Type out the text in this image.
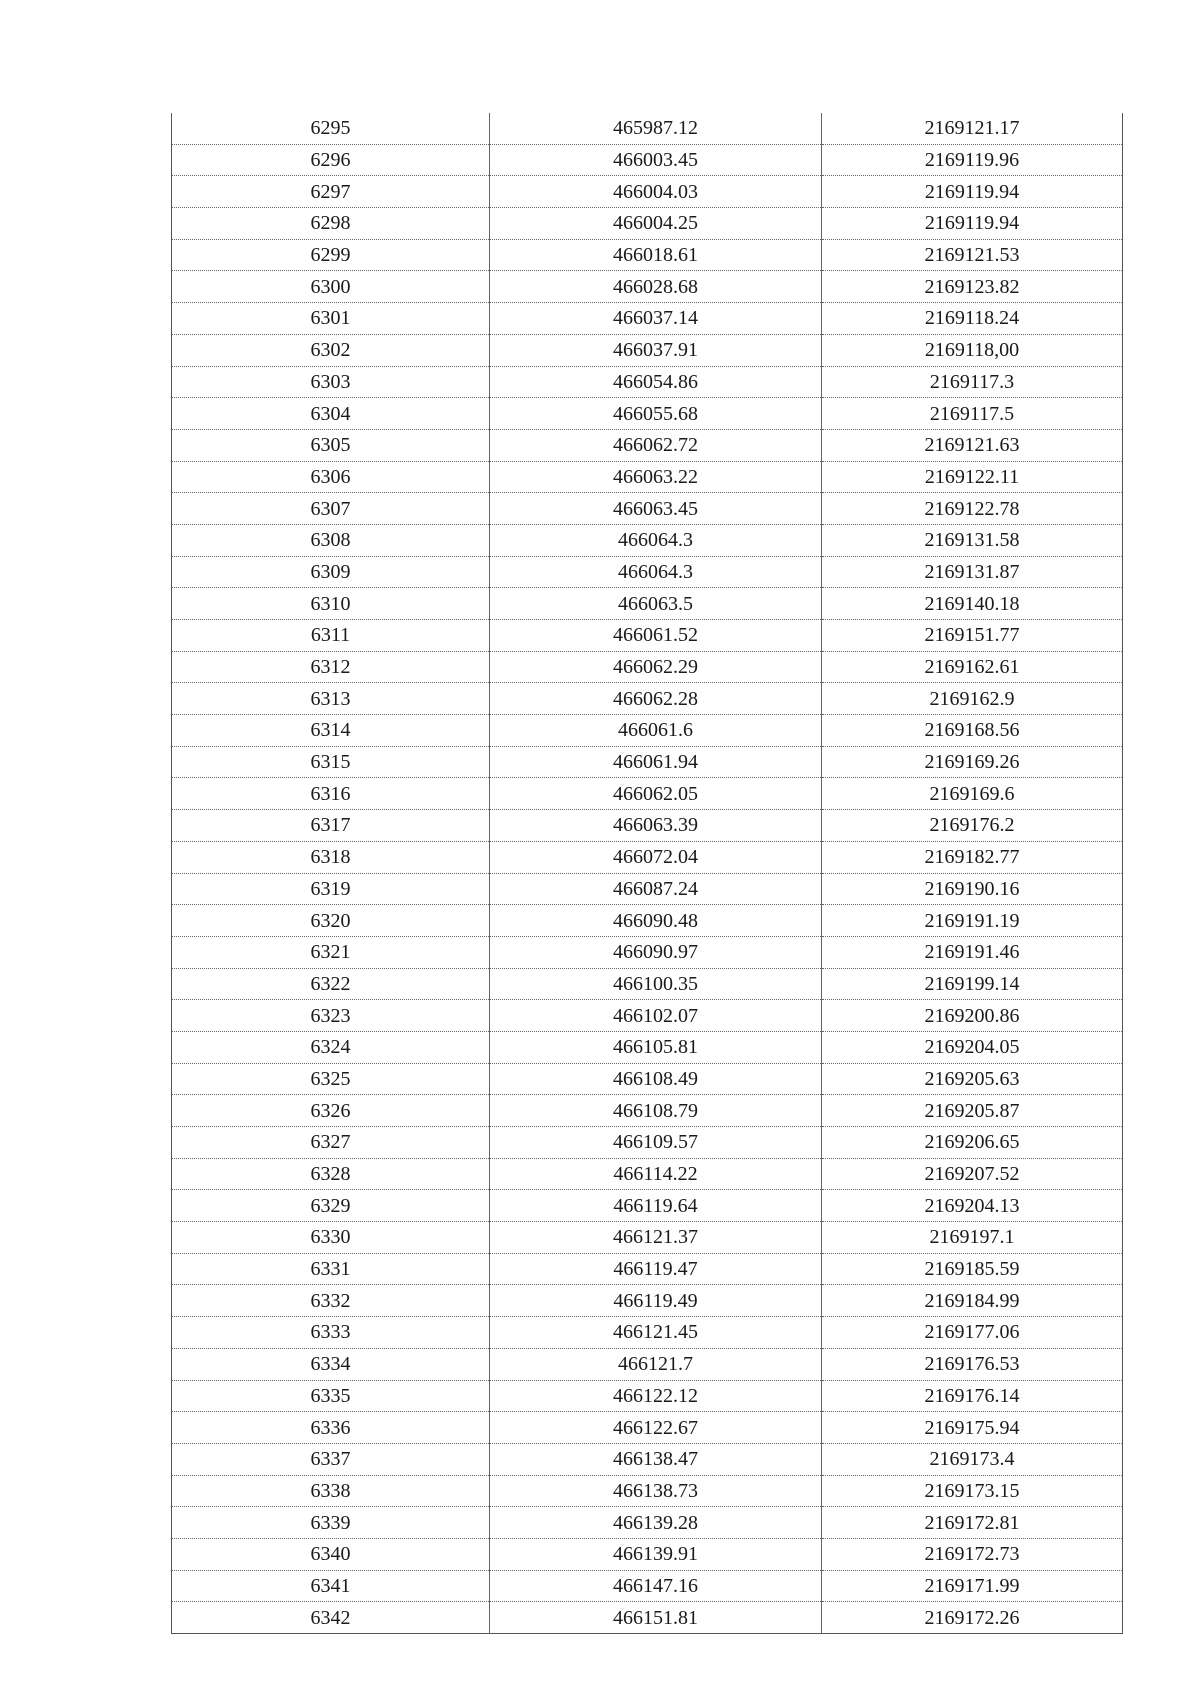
6295	465987.12	2169121.17
6296	466003.45	2169119.96
6297	466004.03	2169119.94
6298	466004.25	2169119.94
6299	466018.61	2169121.53
6300	466028.68	2169123.82
6301	466037.14	2169118.24
6302	466037.91	2169118,00
6303	466054.86	2169117.3
6304	466055.68	2169117.5
6305	466062.72	2169121.63
6306	466063.22	2169122.11
6307	466063.45	2169122.78
6308	466064.3	2169131.58
6309	466064.3	2169131.87
6310	466063.5	2169140.18
6311	466061.52	2169151.77
6312	466062.29	2169162.61
6313	466062.28	2169162.9
6314	466061.6	2169168.56
6315	466061.94	2169169.26
6316	466062.05	2169169.6
6317	466063.39	2169176.2
6318	466072.04	2169182.77
6319	466087.24	2169190.16
6320	466090.48	2169191.19
6321	466090.97	2169191.46
6322	466100.35	2169199.14
6323	466102.07	2169200.86
6324	466105.81	2169204.05
6325	466108.49	2169205.63
6326	466108.79	2169205.87
6327	466109.57	2169206.65
6328	466114.22	2169207.52
6329	466119.64	2169204.13
6330	466121.37	2169197.1
6331	466119.47	2169185.59
6332	466119.49	2169184.99
6333	466121.45	2169177.06
6334	466121.7	2169176.53
6335	466122.12	2169176.14
6336	466122.67	2169175.94
6337	466138.47	2169173.4
6338	466138.73	2169173.15
6339	466139.28	2169172.81
6340	466139.91	2169172.73
6341	466147.16	2169171.99
6342	466151.81	2169172.26
